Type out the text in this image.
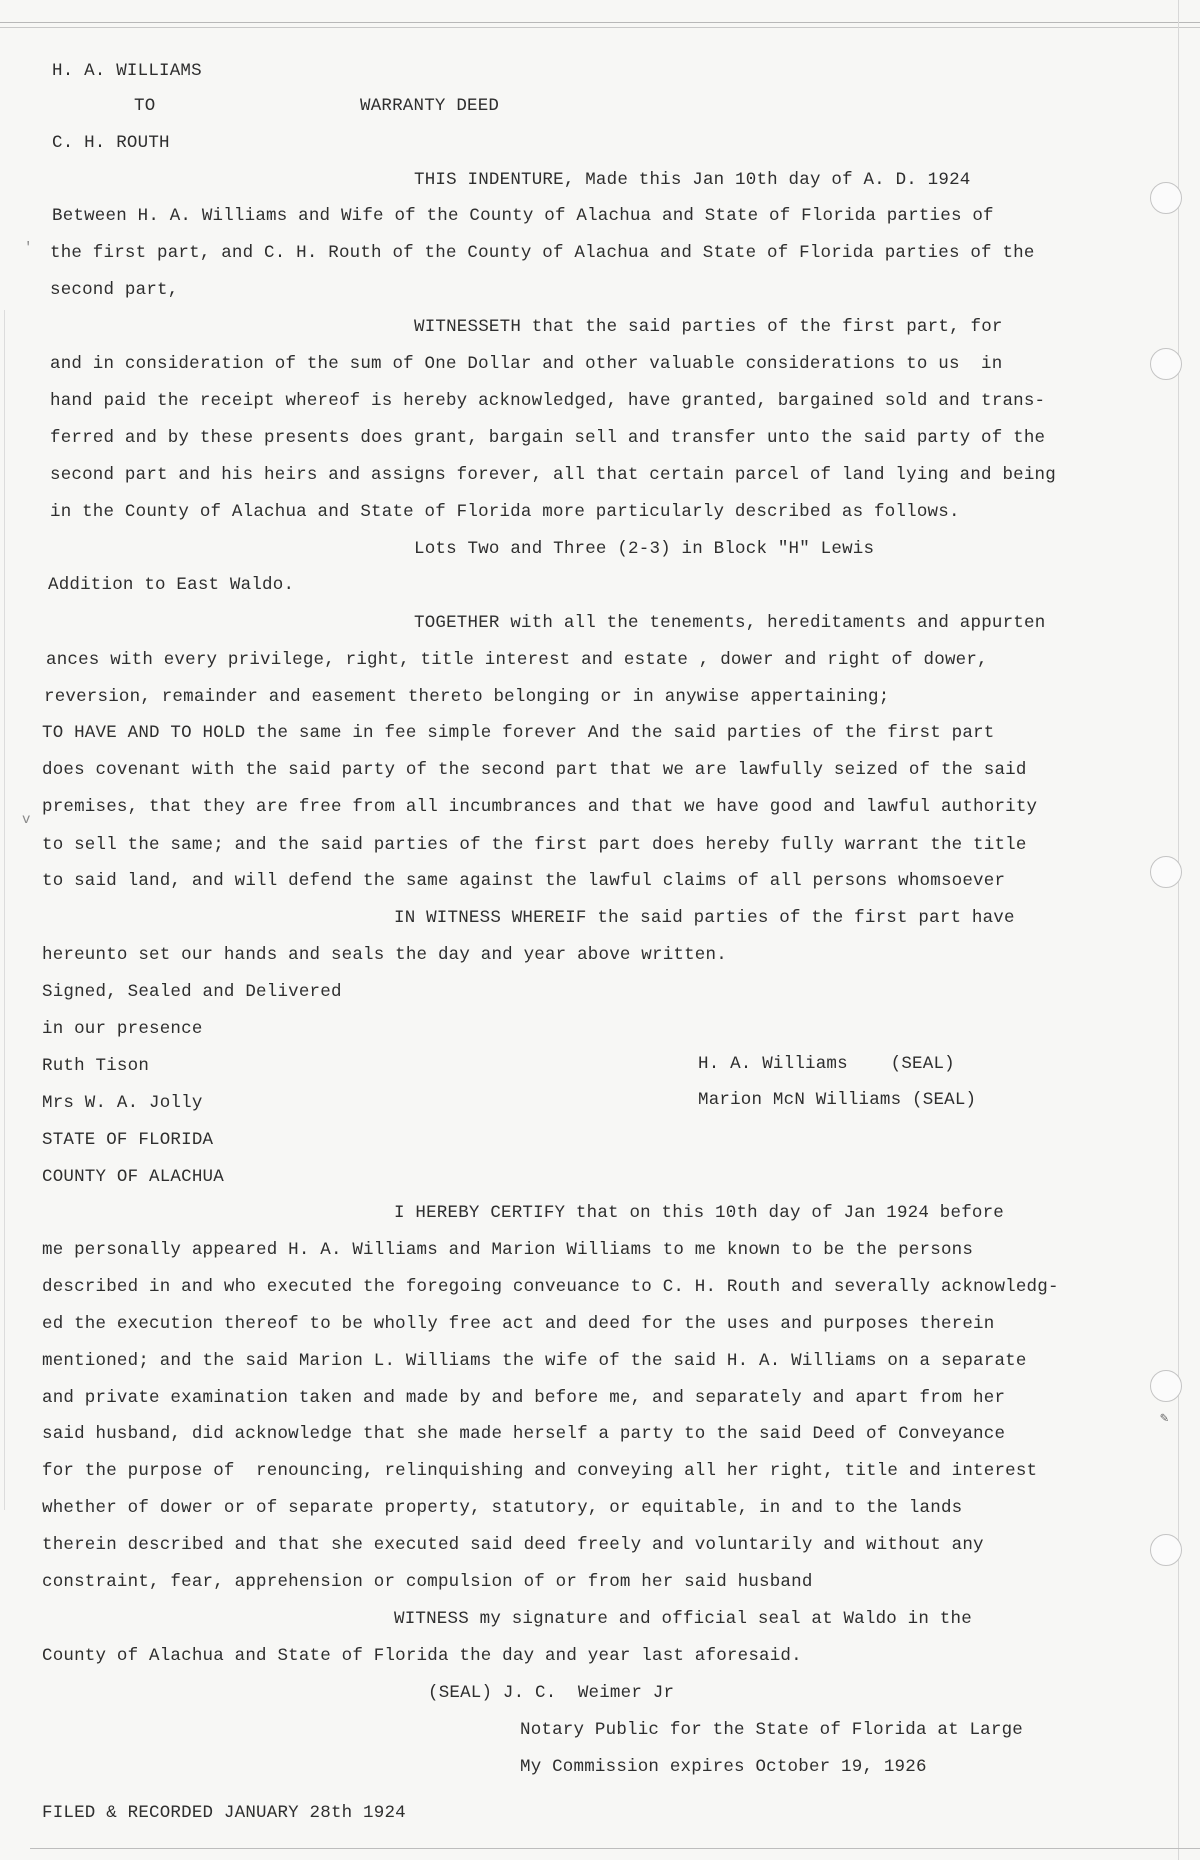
H. A. WILLIAMS
TO	WARRANTY DEED
C. H. ROUTH
THIS INDENTURE, Made this Jan 10th day of A. D. 1924
Between H. A. Williams and Wife of the County of Alachua and State of Florida parties of
the first part, and C. H. Routh of the County of Alachua and State of Florida parties of the
second part,
WITNESSETH that the said parties of the first part, for
and in consideration of the sum of One Dollar and other valuable considerations to us  in
hand paid the receipt whereof is hereby acknowledged, have granted, bargained sold and trans-
ferred and by these presents does grant, bargain sell and transfer unto the said party of the
second part and his heirs and assigns forever, all that certain parcel of land lying and being
in the County of Alachua and State of Florida more particularly described as follows.
Lots Two and Three (2-3) in Block "H" Lewis
Addition to East Waldo.
TOGETHER with all the tenements, hereditaments and appurten
ances with every privilege, right, title interest and estate , dower and right of dower,
reversion, remainder and easement thereto belonging or in anywise appertaining;
TO HAVE AND TO HOLD the same in fee simple forever And the said parties of the first part
does covenant with the said party of the second part that we are lawfully seized of the said
premises, that they are free from all incumbrances and that we have good and lawful authority
to sell the same; and the said parties of the first part does hereby fully warrant the title
to said land, and will defend the same against the lawful claims of all persons whomsoever
IN WITNESS WHEREIF the said parties of the first part have
hereunto set our hands and seals the day and year above written.
Signed, Sealed and Delivered
in our presence
Ruth Tison	H. A. Williams    (SEAL)
Mrs W. A. Jolly	Marion McN Williams (SEAL)
STATE OF FLORIDA
COUNTY OF ALACHUA
I HEREBY CERTIFY that on this 10th day of Jan 1924 before
me personally appeared H. A. Williams and Marion Williams to me known to be the persons
described in and who executed the foregoing conveuance to C. H. Routh and severally acknowledg-
ed the execution thereof to be wholly free act and deed for the uses and purposes therein
mentioned; and the said Marion L. Williams the wife of the said H. A. Williams on a separate
and private examination taken and made by and before me, and separately and apart from her
said husband, did acknowledge that she made herself a party to the said Deed of Conveyance
for the purpose of  renouncing, relinquishing and conveying all her right, title and interest
whether of dower or of separate property, statutory, or equitable, in and to the lands
therein described and that she executed said deed freely and voluntarily and without any
constraint, fear, apprehension or compulsion of or from her said husband
WITNESS my signature and official seal at Waldo in the
County of Alachua and State of Florida the day and year last aforesaid.
(SEAL) J. C.  Weimer Jr
Notary Public for the State of Florida at Large
My Commission expires October 19, 1926
FILED & RECORDED JANUARY 28th 1924
'
v
✎
